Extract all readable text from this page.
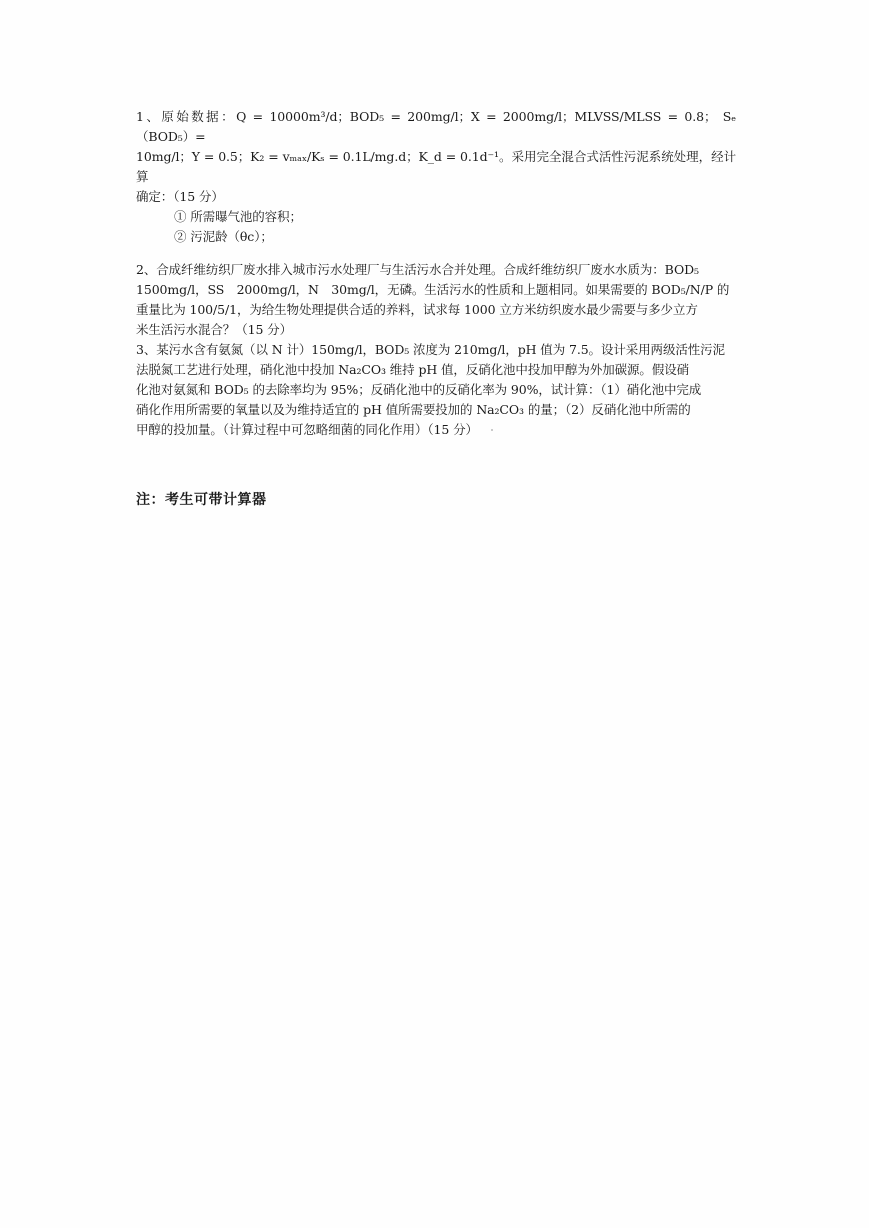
1、原始数据：Q = 10000m³/d；BOD₅ = 200mg/l；X = 2000mg/l；MLVSS/MLSS = 0.8； Sₑ（BOD₅）=

10mg/l；Y = 0.5；K₂ = vₘₐₓ/Kₛ = 0.1L/mg.d；K_d = 0.1d⁻¹。采用完全混合式活性污泥系统处理，经计算

确定：（15 分）

① 所需曝气池的容积；

② 污泥龄（θc）；

2、合成纤维纺织厂废水排入城市污水处理厂与生活污水合并处理。合成纤维纺织厂废水水质为：BOD₅

1500mg/l，SS　2000mg/l，N　30mg/l，无磷。生活污水的性质和上题相同。如果需要的 BOD₅/N/P 的

重量比为 100/5/1，为给生物处理提供合适的养料，试求每 1000 立方米纺织废水最少需要与多少立方

米生活污水混合？（15 分）

3、某污水含有氨氮（以 N 计）150mg/l，BOD₅ 浓度为 210mg/l，pH 值为 7.5。设计采用两级活性污泥

法脱氮工艺进行处理，硝化池中投加 Na₂CO₃ 维持 pH 值，反硝化池中投加甲醇为外加碳源。假设硝

化池对氨氮和 BOD₅ 的去除率均为 95%；反硝化池中的反硝化率为 90%，试计算：（1）硝化池中完成

硝化作用所需要的氧量以及为维持适宜的 pH 值所需要投加的 Na₂CO₃ 的量；（2）反硝化池中所需的

甲醇的投加量。（计算过程中可忽略细菌的同化作用）（15 分）

注：考生可带计算器
